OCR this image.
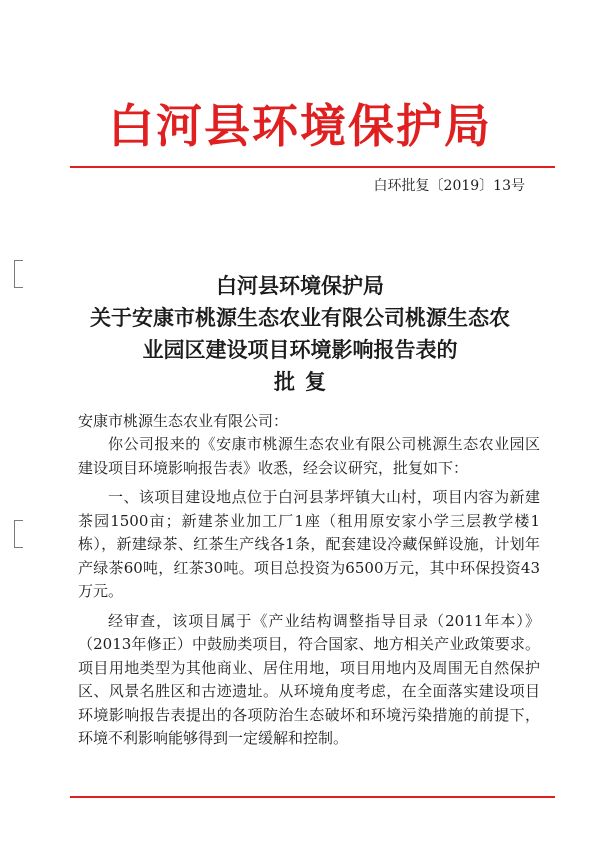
白河县环境保护局
白环批复〔2019〕13号
白河县环境保护局
关于安康市桃源生态农业有限公司桃源生态农
业园区建设项目环境影响报告表的
批复
安康市桃源生态农业有限公司：

你公司报来的《安康市桃源生态农业有限公司桃源生态农业园区建设项目环境影响报告表》收悉，经会议研究，批复如下：

一、该项目建设地点位于白河县茅坪镇大山村，项目内容为新建茶园1500亩；新建茶业加工厂1座（租用原安家小学三层教学楼1栋），新建绿茶、红茶生产线各1条，配套建设冷藏保鲜设施，计划年产绿茶60吨，红茶30吨。项目总投资为6500万元，其中环保投资43万元。

经审查，该项目属于《产业结构调整指导目录（2011年本）》（2013年修正）中鼓励类项目，符合国家、地方相关产业政策要求。项目用地类型为其他商业、居住用地，项目用地内及周围无自然保护区、风景名胜区和古迹遗址。从环境角度考虑，在全面落实建设项目环境影响报告表提出的各项防治生态破坏和环境污染措施的前提下，环境不利影响能够得到一定缓解和控制。
